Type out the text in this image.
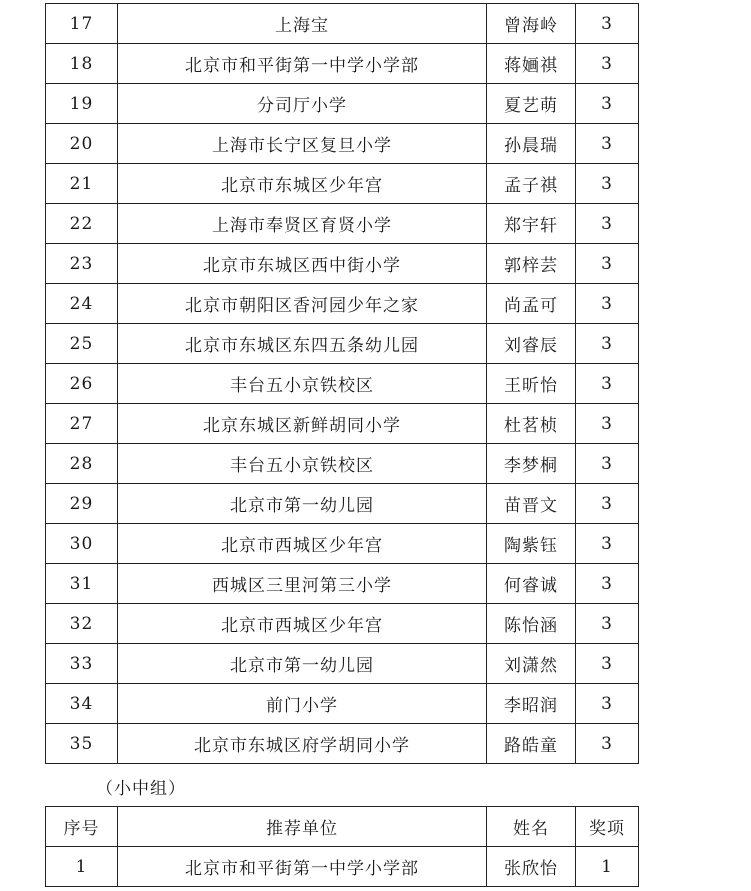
17	上海宝	曾海岭	3
18	北京市和平街第一中学小学部	蒋婳祺	3
19	分司厅小学	夏艺萌	3
20	上海市长宁区复旦小学	孙晨瑞	3
21	北京市东城区少年宫	孟子祺	3
22	上海市奉贤区育贤小学	郑宇轩	3
23	北京市东城区西中街小学	郭梓芸	3
24	北京市朝阳区香河园少年之家	尚孟可	3
25	北京市东城区东四五条幼儿园	刘睿辰	3
26	丰台五小京铁校区	王昕怡	3
27	北京东城区新鲜胡同小学	杜茗桢	3
28	丰台五小京铁校区	李梦桐	3
29	北京市第一幼儿园	苗晋文	3
30	北京市西城区少年宫	陶紫钰	3
31	西城区三里河第三小学	何睿诚	3
32	北京市西城区少年宫	陈怡涵	3
33	北京市第一幼儿园	刘潇然	3
34	前门小学	李昭润	3
35	北京市东城区府学胡同小学	路皓童	3
（小中组）
序号	推荐单位	姓名	奖项
1	北京市和平街第一中学小学部	张欣怡	1
